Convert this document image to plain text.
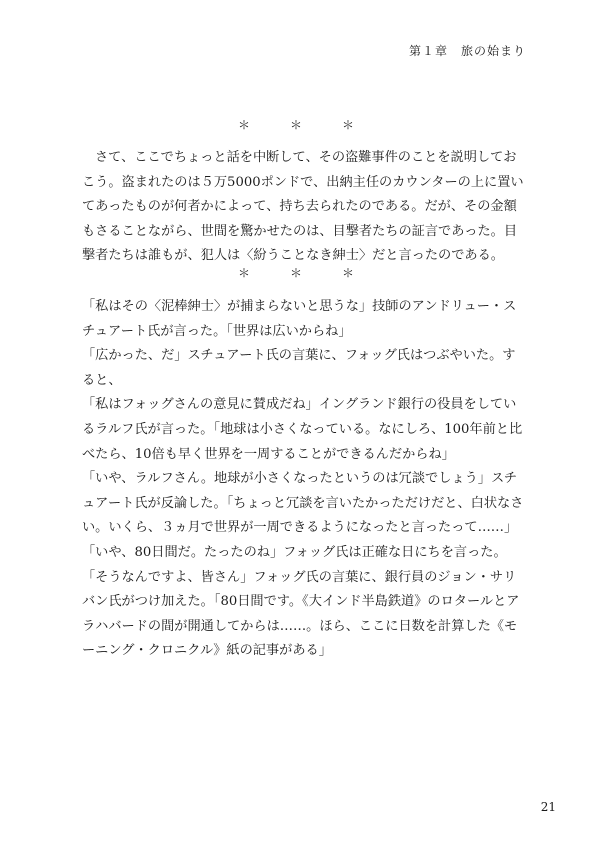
第１章　旅の始まり
＊　＊　＊

さて、ここでちょっと話を中断して、その盗難事件のことを説明しておこう。盗まれたのは５万5000ポンドで、出納主任のカウンターの上に置いてあったものが何者かによって、持ち去られたのである。だが、その金額もさることながら、世間を驚かせたのは、目撃者たちの証言であった。目撃者たちは誰もが、犯人は〈紛うことなき紳士〉だと言ったのである。

＊　＊　＊

「私はその〈泥棒紳士〉が捕まらないと思うな」技師のアンドリュー・スチュアート氏が言った。「世界は広いからね」

「広かった、だ」スチュアート氏の言葉に、フォッグ氏はつぶやいた。すると、

「私はフォッグさんの意見に賛成だね」イングランド銀行の役員をしているラルフ氏が言った。「地球は小さくなっている。なにしろ、100年前と比べたら、10倍も早く世界を一周することができるんだからね」

「いや、ラルフさん。地球が小さくなったというのは冗談でしょう」スチュアート氏が反論した。「ちょっと冗談を言いたかっただけだと、白状なさい。いくら、３ヵ月で世界が一周できるようになったと言ったって……」

「いや、80日間だ。たったのね」フォッグ氏は正確な日にちを言った。

「そうなんですよ、皆さん」フォッグ氏の言葉に、銀行員のジョン・サリバン氏がつけ加えた。「80日間です。《大インド半島鉄道》のロタールとアラハバードの間が開通してからは……。ほら、ここに日数を計算した《モーニング・クロニクル》紙の記事がある」

21
